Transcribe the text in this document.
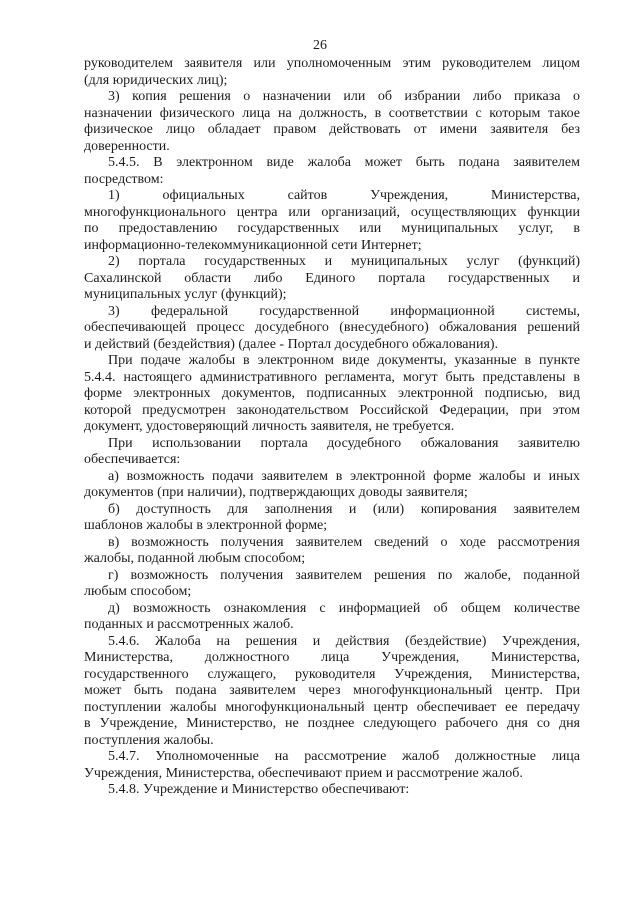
26
руководителем заявителя или уполномоченным этим руководителем лицом
(для юридических лиц);
3) копия решения о назначении или об избрании либо приказа о
назначении физического лица на должность, в соответствии с которым такое
физическое лицо обладает правом действовать от имени заявителя без
доверенности.
5.4.5. В электронном виде жалоба может быть подана заявителем
посредством:
1) официальных сайтов Учреждения, Министерства,
многофункционального центра или организаций, осуществляющих функции
по предоставлению государственных или муниципальных услуг, в
информационно-телекоммуникационной сети Интернет;
2) портала государственных и муниципальных услуг (функций)
Сахалинской области либо Единого портала государственных и
муниципальных услуг (функций);
3) федеральной государственной информационной системы,
обеспечивающей процесс досудебного (внесудебного) обжалования решений
и действий (бездействия) (далее - Портал досудебного обжалования).
При подаче жалобы в электронном виде документы, указанные в пункте
5.4.4. настоящего административного регламента, могут быть представлены в
форме электронных документов, подписанных электронной подписью, вид
которой предусмотрен законодательством Российской Федерации, при этом
документ, удостоверяющий личность заявителя, не требуется.
При использовании портала досудебного обжалования заявителю
обеспечивается:
а) возможность подачи заявителем в электронной форме жалобы и иных
документов (при наличии), подтверждающих доводы заявителя;
б) доступность для заполнения и (или) копирования заявителем
шаблонов жалобы в электронной форме;
в) возможность получения заявителем сведений о ходе рассмотрения
жалобы, поданной любым способом;
г) возможность получения заявителем решения по жалобе, поданной
любым способом;
д) возможность ознакомления с информацией об общем количестве
поданных и рассмотренных жалоб.
5.4.6. Жалоба на решения и действия (бездействие) Учреждения,
Министерства, должностного лица Учреждения, Министерства,
государственного служащего, руководителя Учреждения, Министерства,
может быть подана заявителем через многофункциональный центр. При
поступлении жалобы многофункциональный центр обеспечивает ее передачу
в Учреждение, Министерство, не позднее следующего рабочего дня со дня
поступления жалобы.
5.4.7. Уполномоченные на рассмотрение жалоб должностные лица
Учреждения, Министерства, обеспечивают прием и рассмотрение жалоб.
5.4.8. Учреждение и Министерство обеспечивают:
